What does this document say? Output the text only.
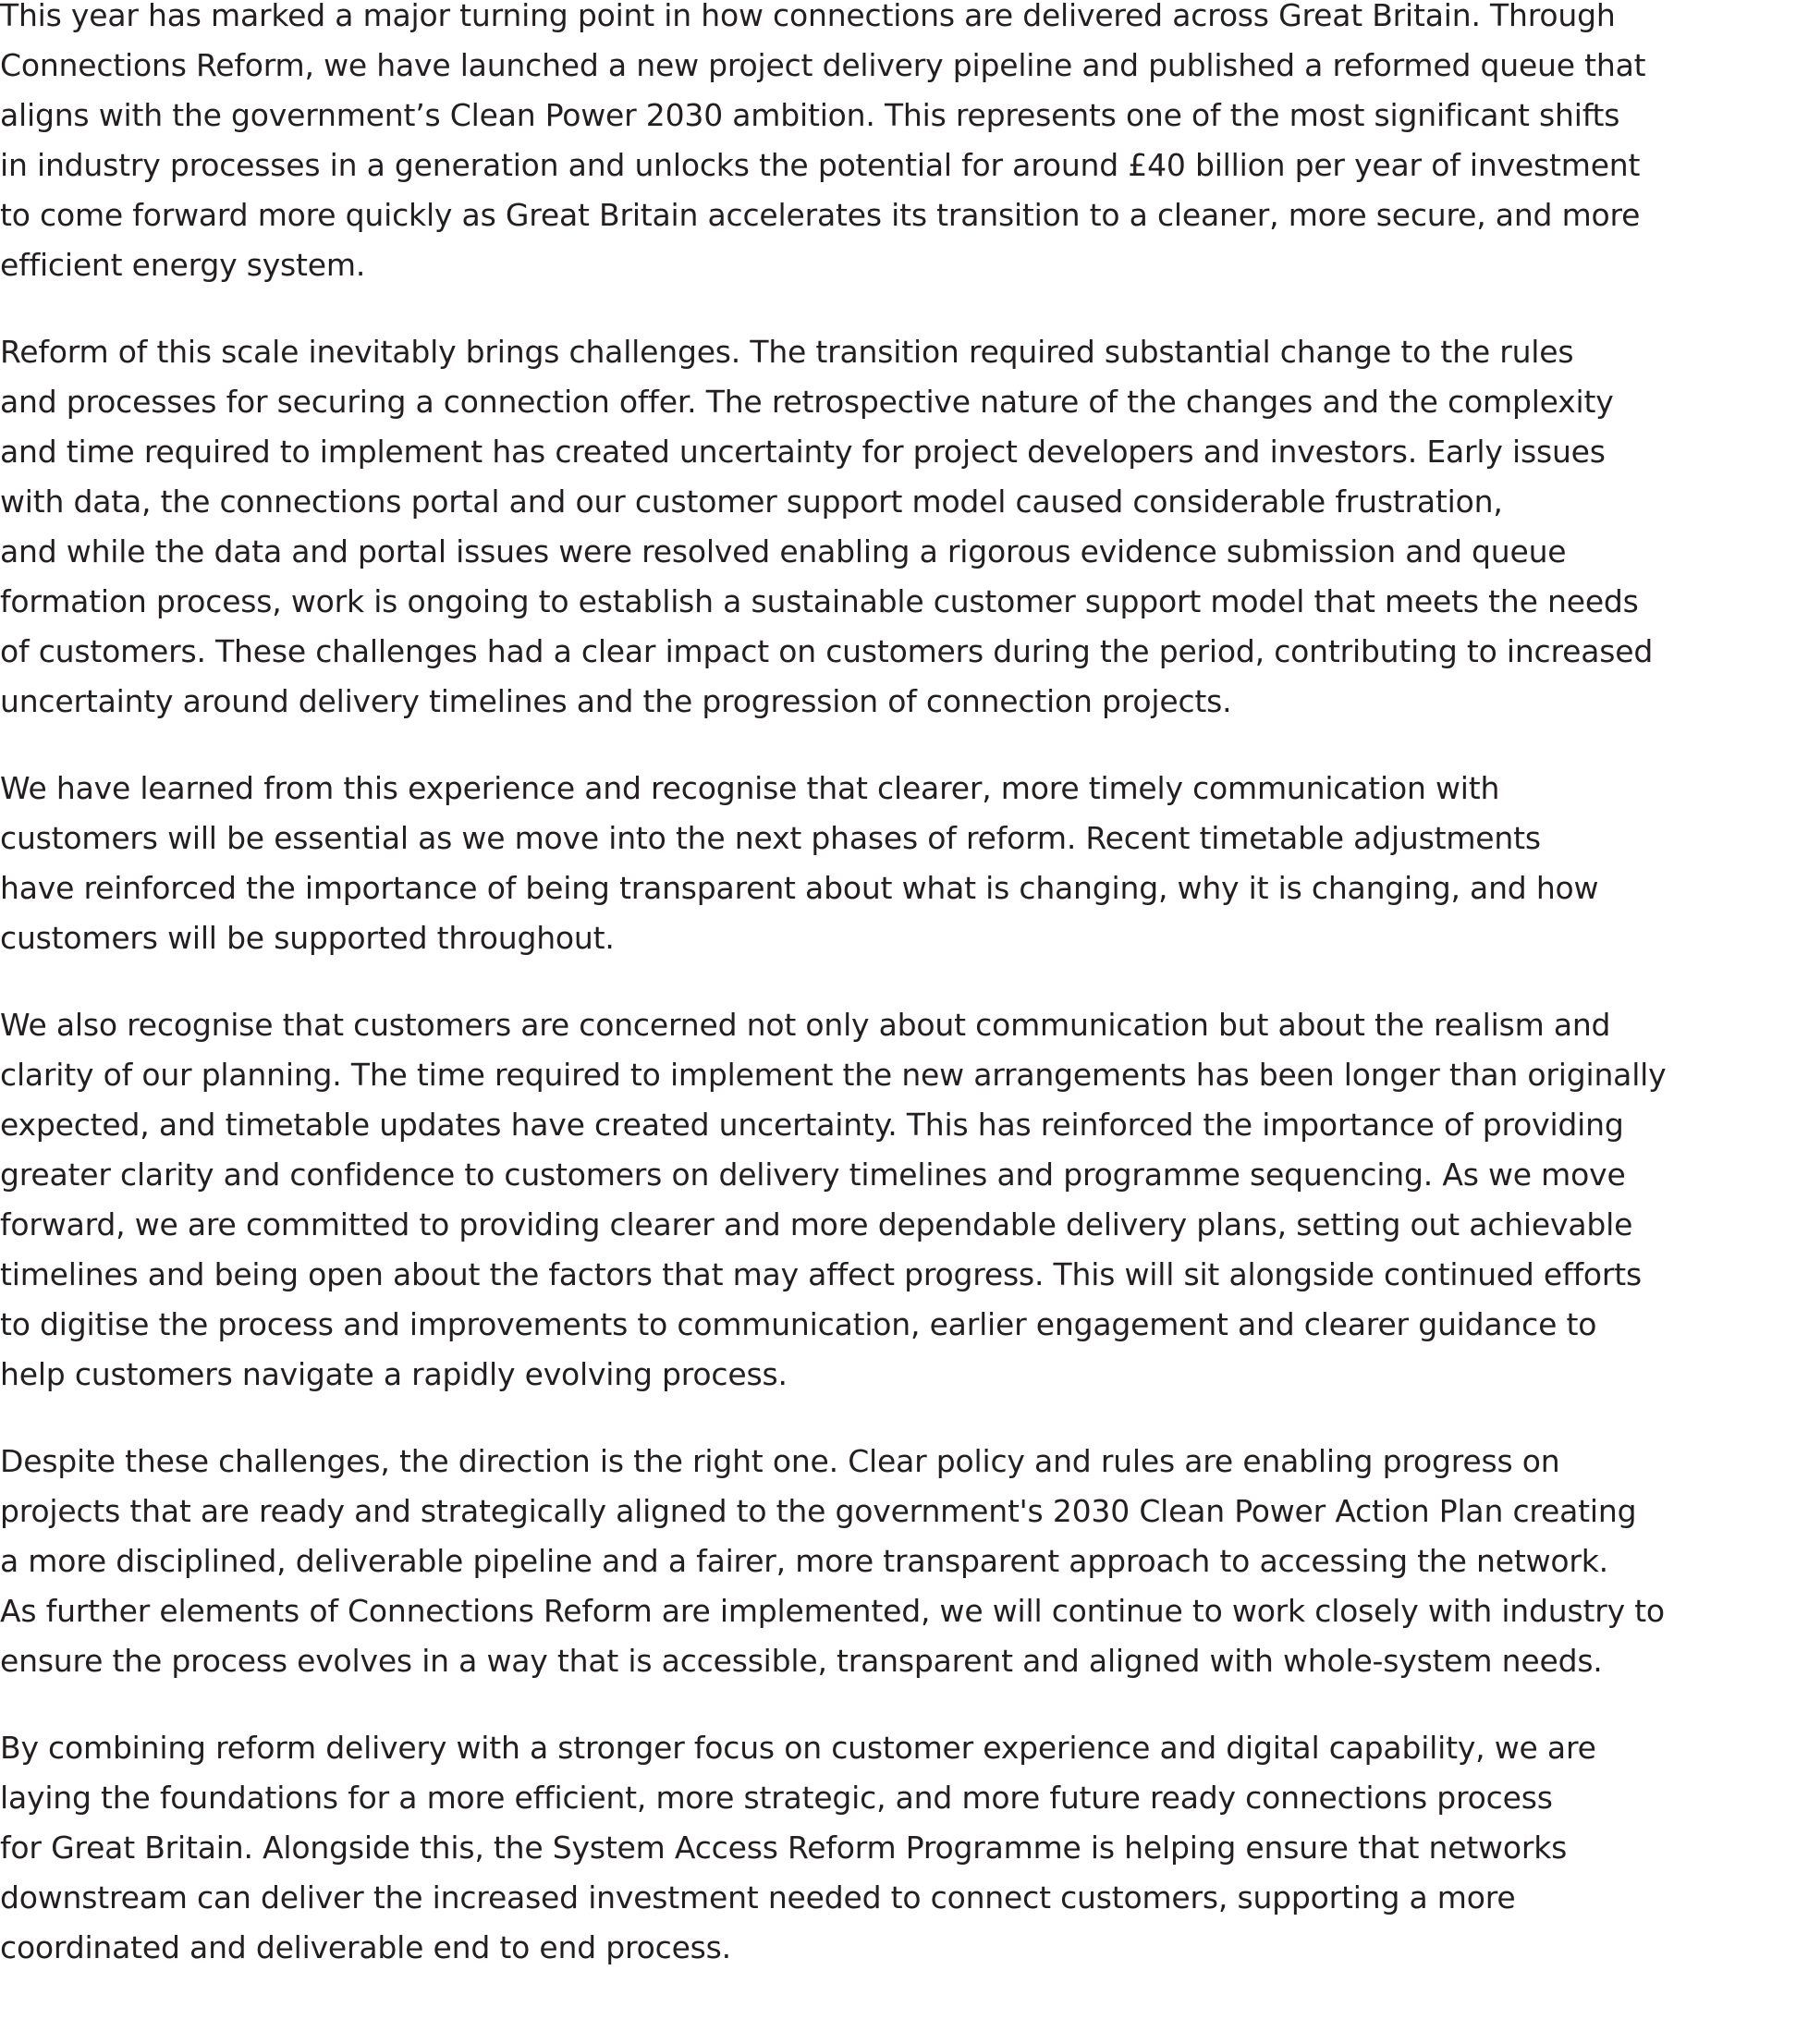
This year has marked a major turning point in how connections are delivered across Great Britain. Through
Connections Reform, we have launched a new project delivery pipeline and published a reformed queue that
aligns with the government’s Clean Power 2030 ambition. This represents one of the most significant shifts
in industry processes in a generation and unlocks the potential for around £40 billion per year of investment
to come forward more quickly as Great Britain accelerates its transition to a cleaner, more secure, and more
efficient energy system.

Reform of this scale inevitably brings challenges. The transition required substantial change to the rules
and processes for securing a connection offer. The retrospective nature of the changes and the complexity
and time required to implement has created uncertainty for project developers and investors. Early issues
with data, the connections portal and our customer support model caused considerable frustration,
and while the data and portal issues were resolved enabling a rigorous evidence submission and queue
formation process, work is ongoing to establish a sustainable customer support model that meets the needs
of customers. These challenges had a clear impact on customers during the period, contributing to increased
uncertainty around delivery timelines and the progression of connection projects.

We have learned from this experience and recognise that clearer, more timely communication with
customers will be essential as we move into the next phases of reform. Recent timetable adjustments
have reinforced the importance of being transparent about what is changing, why it is changing, and how
customers will be supported throughout.

We also recognise that customers are concerned not only about communication but about the realism and
clarity of our planning. The time required to implement the new arrangements has been longer than originally
expected, and timetable updates have created uncertainty. This has reinforced the importance of providing
greater clarity and confidence to customers on delivery timelines and programme sequencing. As we move
forward, we are committed to providing clearer and more dependable delivery plans, setting out achievable
timelines and being open about the factors that may affect progress. This will sit alongside continued efforts
to digitise the process and improvements to communication, earlier engagement and clearer guidance to
help customers navigate a rapidly evolving process.

Despite these challenges, the direction is the right one. Clear policy and rules are enabling progress on
projects that are ready and strategically aligned to the government's 2030 Clean Power Action Plan creating
a more disciplined, deliverable pipeline and a fairer, more transparent approach to accessing the network.
As further elements of Connections Reform are implemented, we will continue to work closely with industry to
ensure the process evolves in a way that is accessible, transparent and aligned with whole-system needs.

By combining reform delivery with a stronger focus on customer experience and digital capability, we are
laying the foundations for a more efficient, more strategic, and more future ready connections process
for Great Britain. Alongside this, the System Access Reform Programme is helping ensure that networks
downstream can deliver the increased investment needed to connect customers, supporting a more
coordinated and deliverable end to end process.
